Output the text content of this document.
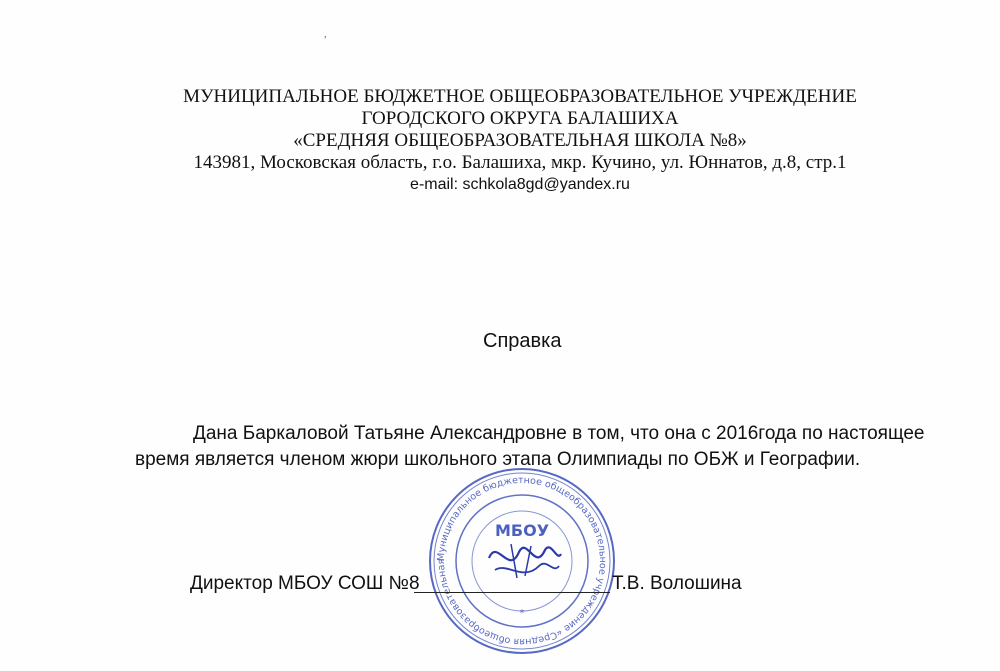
,
МУНИЦИПАЛЬНОЕ БЮДЖЕТНОЕ ОБЩЕОБРАЗОВАТЕЛЬНОЕ УЧРЕЖДЕНИЕ
ГОРОДСКОГО ОКРУГА БАЛАШИХА
«СРЕДНЯЯ ОБЩЕОБРАЗОВАТЕЛЬНАЯ ШКОЛА №8»
143981, Московская область, г.о. Балашиха, мкр. Кучино, ул. Юннатов, д.8, стр.1
e-mail: schkola8gd@yandex.ru
Справка
Дана Баркаловой Татьяне Александровне в том, что она с 2016года по настоящее
время является членом жюри школьного этапа Олимпиады по ОБЖ и Географии.
Муниципальное бюджетное общеобразовательное учреждение «Средняя общеобразовательная
МБОУ
*
Директор МБОУ СОШ №8	Т.В. Волошина
